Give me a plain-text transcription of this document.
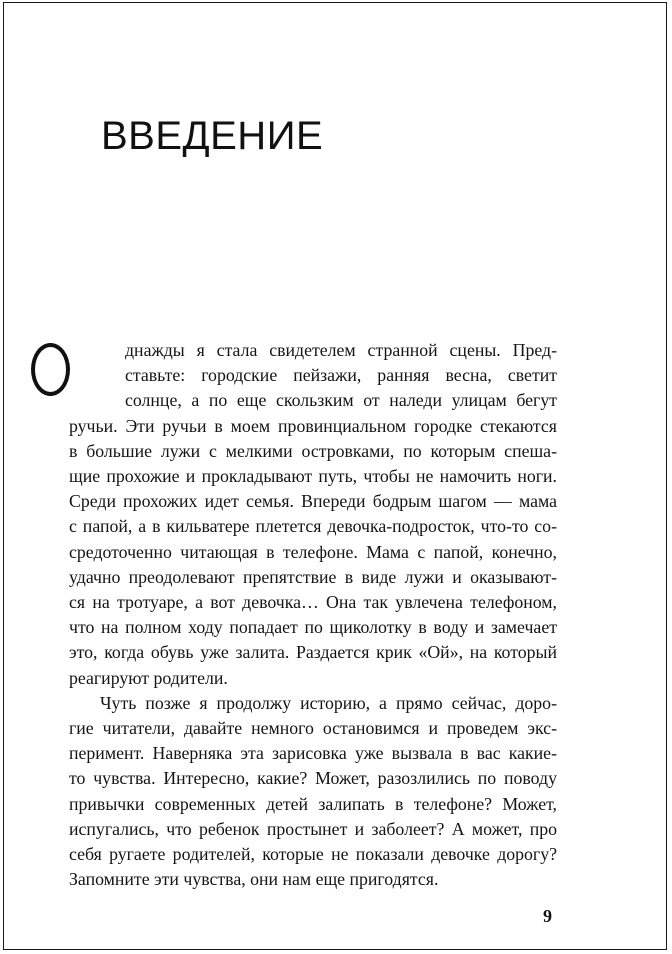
ВВЕДЕНИЕ

днажды я стала свидетелем странной сцены. Пред-
ставьте: городские пейзажи, ранняя весна, светит
солнце, а по еще скользким от наледи улицам бегут
ручьи. Эти ручьи в моем провинциальном городке стекаются
в большие лужи с мелкими островками, по которым спеша-
щие прохожие и прокладывают путь, чтобы не намочить ноги.
Среди прохожих идет семья. Впереди бодрым шагом — мама
с папой, а в кильватере плетется девочка-подросток, что-то со-
средоточенно читающая в телефоне. Мама с папой, конечно,
удачно преодолевают препятствие в виде лужи и оказывают-
ся на тротуаре, а вот девочка… Она так увлечена телефоном,
что на полном ходу попадает по щиколотку в воду и замечает
это, когда обувь уже залита. Раздается крик «Ой», на который
реагируют родители.

Чуть позже я продолжу историю, а прямо сейчас, доро-
гие читатели, давайте немного остановимся и проведем экс-
перимент. Наверняка эта зарисовка уже вызвала в вас какие-
то чувства. Интересно, какие? Может, разозлились по поводу
привычки современных детей залипать в телефоне? Может,
испугались, что ребенок простынет и заболеет? А может, про
себя ругаете родителей, которые не показали девочке дорогу?
Запомните эти чувства, они нам еще пригодятся.

9
